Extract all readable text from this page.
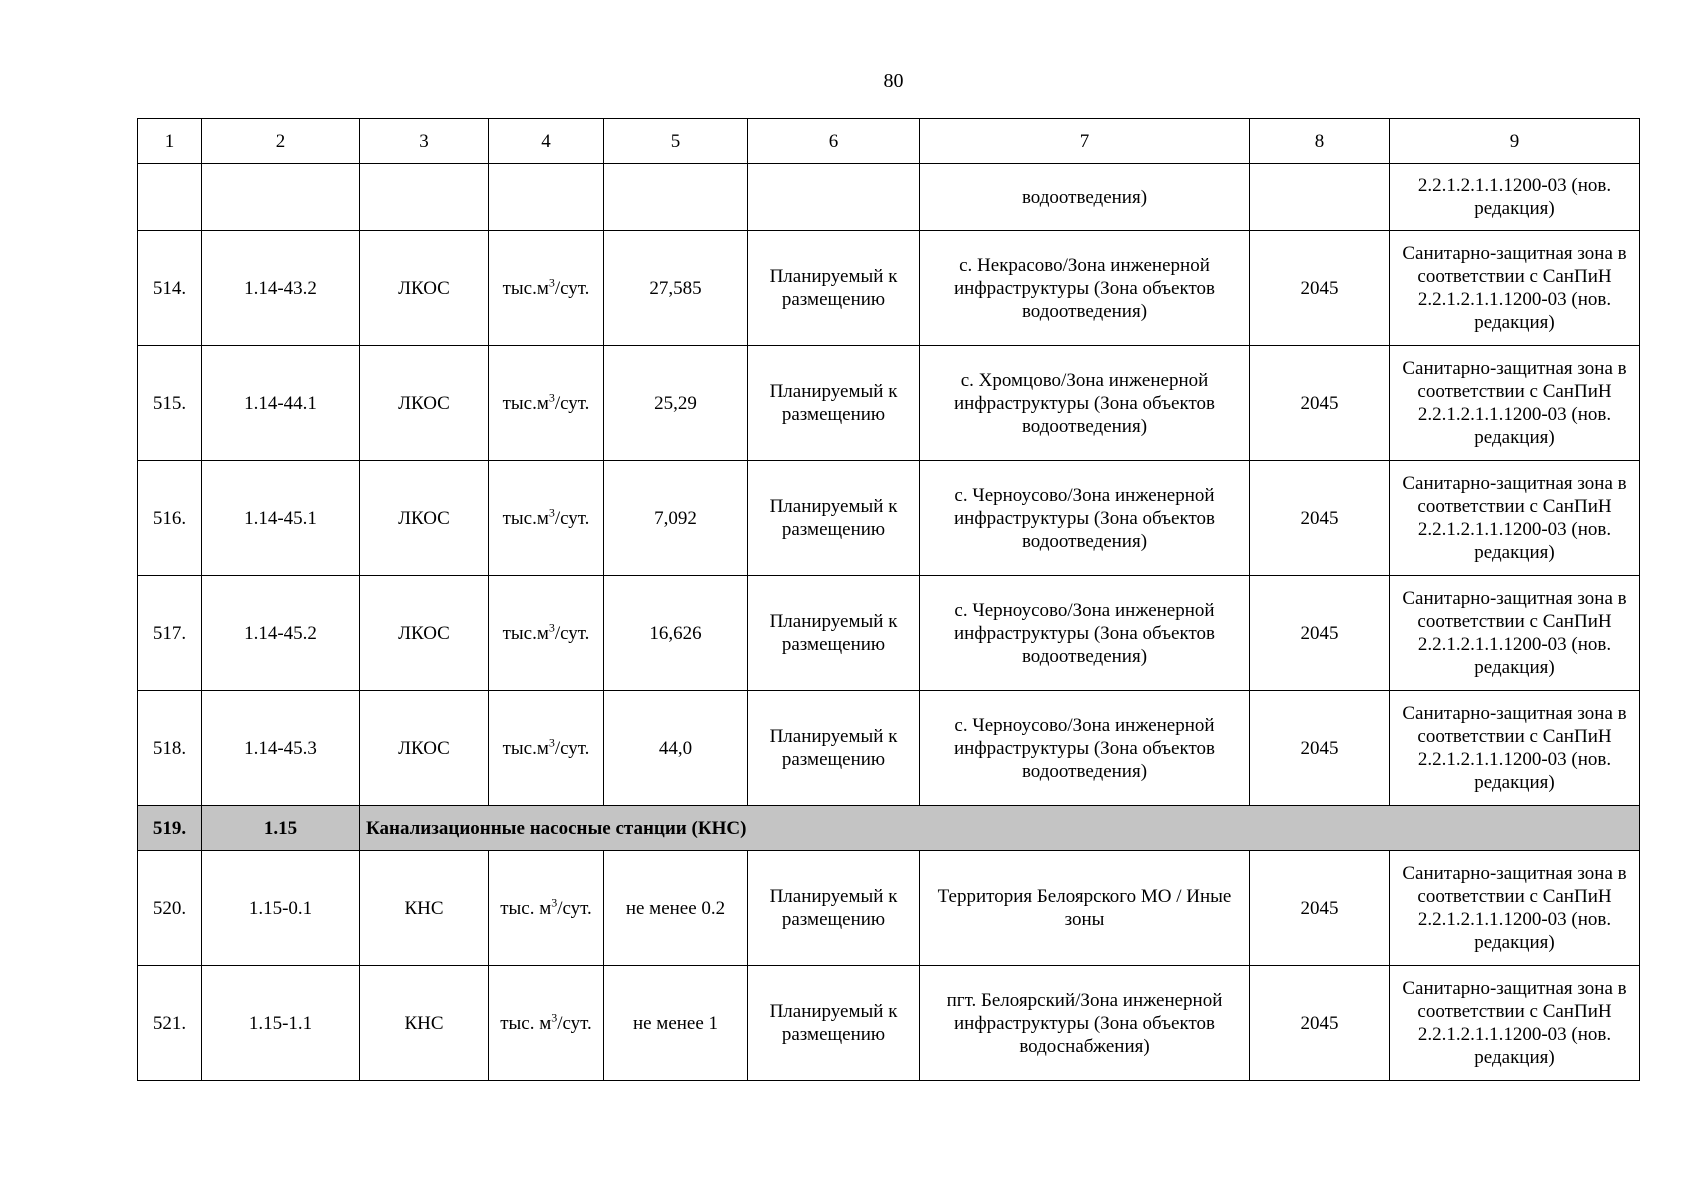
80
1	2	3	4	5	6	7	8	9
						водоотведения)		2.2.1.2.1.1.1200-03 (нов. редакция)
514.	1.14-43.2	ЛКОС	$тыс.м^3$/сут.	27,585	Планируемый к размещению	с. Некрасово/Зона инженерной инфраструктуры (Зона объектов водоотведения)	2045	Санитарно-защитная зона в соответствии с СанПиН 2.2.1.2.1.1.1200-03 (нов. редакция)
515.	1.14-44.1	ЛКОС	$тыс.м^3$/сут.	25,29	Планируемый к размещению	с. Хромцово/Зона инженерной инфраструктуры (Зона объектов водоотведения)	2045	Санитарно-защитная зона в соответствии с СанПиН 2.2.1.2.1.1.1200-03 (нов. редакция)
516.	1.14-45.1	ЛКОС	$тыс.м^3$/сут.	7,092	Планируемый к размещению	с. Черноусово/Зона инженерной инфраструктуры (Зона объектов водоотведения)	2045	Санитарно-защитная зона в соответствии с СанПиН 2.2.1.2.1.1.1200-03 (нов. редакция)
517.	1.14-45.2	ЛКОС	$тыс.м^3$/сут.	16,626	Планируемый к размещению	с. Черноусово/Зона инженерной инфраструктуры (Зона объектов водоотведения)	2045	Санитарно-защитная зона в соответствии с СанПиН 2.2.1.2.1.1.1200-03 (нов. редакция)
518.	1.14-45.3	ЛКОС	$тыс.м^3$/сут.	44,0	Планируемый к размещению	с. Черноусово/Зона инженерной инфраструктуры (Зона объектов водоотведения)	2045	Санитарно-защитная зона в соответствии с СанПиН 2.2.1.2.1.1.1200-03 (нов. редакция)
519.	1.15	Канализационные насосные станции (КНС)						
520.	1.15-0.1	КНС	тыс. $м^3$/сут.	не менее 0.2	Планируемый к размещению	Территория Белоярского МО / Иные зоны	2045	Санитарно-защитная зона в соответствии с СанПиН 2.2.1.2.1.1.1200-03 (нов. редакция)
521.	1.15-1.1	КНС	тыс. $м^3$/сут.	не менее 1	Планируемый к размещению	пгт. Белоярский/Зона инженерной инфраструктуры (Зона объектов водоснабжения)	2045	Санитарно-защитная зона в соответствии с СанПиН 2.2.1.2.1.1.1200-03 (нов. редакция)
